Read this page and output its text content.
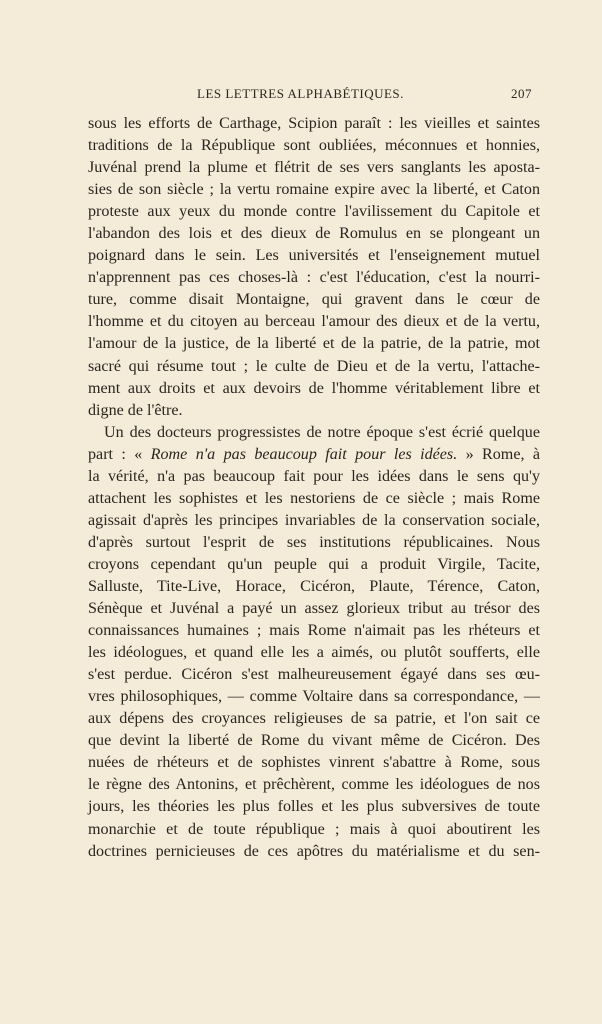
LES LETTRES ALPHABÉTIQUES.	207
sous les efforts de Carthage, Scipion paraît : les vieilles et saintes
traditions de la République sont oubliées, méconnues et honnies,
Juvénal prend la plume et flétrit de ses vers sanglants les aposta-
sies de son siècle ; la vertu romaine expire avec la liberté, et Caton
proteste aux yeux du monde contre l'avilissement du Capitole et
l'abandon des lois et des dieux de Romulus en se plongeant un
poignard dans le sein. Les universités et l'enseignement mutuel
n'apprennent pas ces choses-là : c'est l'éducation, c'est la nourri-
ture, comme disait Montaigne, qui gravent dans le cœur de
l'homme et du citoyen au berceau l'amour des dieux et de la vertu,
l'amour de la justice, de la liberté et de la patrie, de la patrie, mot
sacré qui résume tout ; le culte de Dieu et de la vertu, l'attache-
ment aux droits et aux devoirs de l'homme véritablement libre et
digne de l'être.
Un des docteurs progressistes de notre époque s'est écrié quelque
part : « Rome n'a pas beaucoup fait pour les idées. » Rome, à
la vérité, n'a pas beaucoup fait pour les idées dans le sens qu'y
attachent les sophistes et les nestoriens de ce siècle ; mais Rome
agissait d'après les principes invariables de la conservation sociale,
d'après surtout l'esprit de ses institutions républicaines. Nous
croyons cependant qu'un peuple qui a produit Virgile, Tacite,
Salluste, Tite-Live, Horace, Cicéron, Plaute, Térence, Caton,
Sénèque et Juvénal a payé un assez glorieux tribut au trésor des
connaissances humaines ; mais Rome n'aimait pas les rhéteurs et
les idéologues, et quand elle les a aimés, ou plutôt soufferts, elle
s'est perdue. Cicéron s'est malheureusement égayé dans ses œu-
vres philosophiques, — comme Voltaire dans sa correspondance, —
aux dépens des croyances religieuses de sa patrie, et l'on sait ce
que devint la liberté de Rome du vivant même de Cicéron. Des
nuées de rhéteurs et de sophistes vinrent s'abattre à Rome, sous
le règne des Antonins, et prêchèrent, comme les idéologues de nos
jours, les théories les plus folles et les plus subversives de toute
monarchie et de toute république ; mais à quoi aboutirent les
doctrines pernicieuses de ces apôtres du matérialisme et du sen-
